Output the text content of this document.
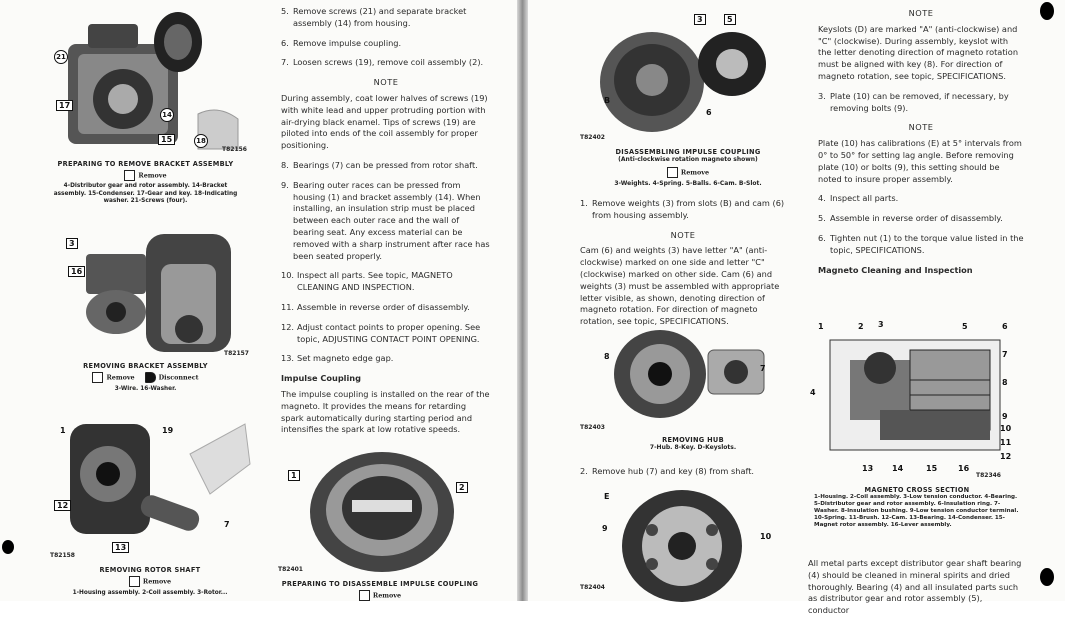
21
17
15
14
18
T82156
PREPARING TO REMOVE BRACKET ASSEMBLY
Remove
4-Distributor gear and rotor assembly. 14-Bracket assembly. 15-Condenser. 17-Gear and key. 18-Indicating washer. 21-Screws (four).
3
16
T82157
REMOVING BRACKET ASSEMBLY
Remove	Disconnect
3-Wire. 16-Washer.
1	19
12
7
13
T82158
REMOVING ROTOR SHAFT
Remove
1-Housing assembly. 2-Coil assembly. 3-Rotor...
5. Remove screws (21) and separate bracket assembly (14) from housing.
6. Remove impulse coupling.
7. Loosen screws (19), remove coil assembly (2).
NOTE
During assembly, coat lower halves of screws (19) with white lead and upper protruding portion with air-drying black enamel. Tips of screws (19) are piloted into ends of the coil assembly for proper positioning.
8. Bearings (7) can be pressed from rotor shaft.
9. Bearing outer races can be pressed from housing (1) and bracket assembly (14). When installing, an insulation strip must be placed between each outer race and the wall of bearing seat. Any excess material can be removed with a sharp instrument after race has been seated properly.
10. Inspect all parts. See topic, MAGNETO CLEANING AND INSPECTION.
11. Assemble in reverse order of disassembly.
12. Adjust contact points to proper opening. See topic, ADJUSTING CONTACT POINT OPENING.
13. Set magneto edge gap.
Impulse Coupling
The impulse coupling is installed on the rear of the magneto. It provides the means for retarding spark automatically during starting period and intensifies the spark at low rotative speeds.
1
2
T82401
PREPARING TO DISASSEMBLE IMPULSE COUPLING
Remove
3	5
B
6
T82402
DISASSEMBLING IMPULSE COUPLING
(Anti-clockwise rotation magneto shown)
Remove
3-Weights. 4-Spring. 5-Balls. 6-Cam. B-Slot.
1. Remove weights (3) from slots (B) and cam (6) from housing assembly.
NOTE
Cam (6) and weights (3) have letter "A" (anti-clockwise) marked on one side and letter "C" (clockwise) marked on other side. Cam (6) and weights (3) must be assembled with appropriate letter visible, as shown, denoting direction of magneto rotation. For direction of magneto rotation, see topic, SPECIFICATIONS.
8
7
T82403
REMOVING HUB
7-Hub. 8-Key. D-Keyslots.
2. Remove hub (7) and key (8) from shaft.
E
9
10
T82404
NOTE
Keyslots (D) are marked "A" (anti-clockwise) and "C" (clockwise). During assembly, keyslot with the letter denoting direction of magneto rotation must be aligned with key (8). For direction of magneto rotation, see topic, SPECIFICATIONS.
3. Plate (10) can be removed, if necessary, by removing bolts (9).
NOTE
Plate (10) has calibrations (E) at 5° intervals from 0° to 50° for setting lag angle. Before removing plate (10) or bolts (9), this setting should be noted to insure proper assembly.
4. Inspect all parts.
5. Assemble in reverse order of disassembly.
6. Tighten nut (1) to the torque value listed in the topic, SPECIFICATIONS.
Magneto Cleaning and Inspection
1	2 3
4
5	6
7
8
9
10
11
12
13 14	15	16
T82346
MAGNETO CROSS SECTION
1-Housing. 2-Coil assembly. 3-Low tension conductor. 4-Bearing. 5-Distributor gear and rotor assembly. 6-Insulation ring. 7-Washer. 8-Insulation bushing. 9-Low tension conductor terminal. 10-Spring. 11-Brush. 12-Cam. 13-Bearing. 14-Condenser. 15-Magnet rotor assembly. 16-Lever assembly.
All metal parts except distributor gear shaft bearing (4) should be cleaned in mineral spirits and dried thoroughly. Bearing (4) and all insulated parts such as distributor gear and rotor assembly (5), conductor
